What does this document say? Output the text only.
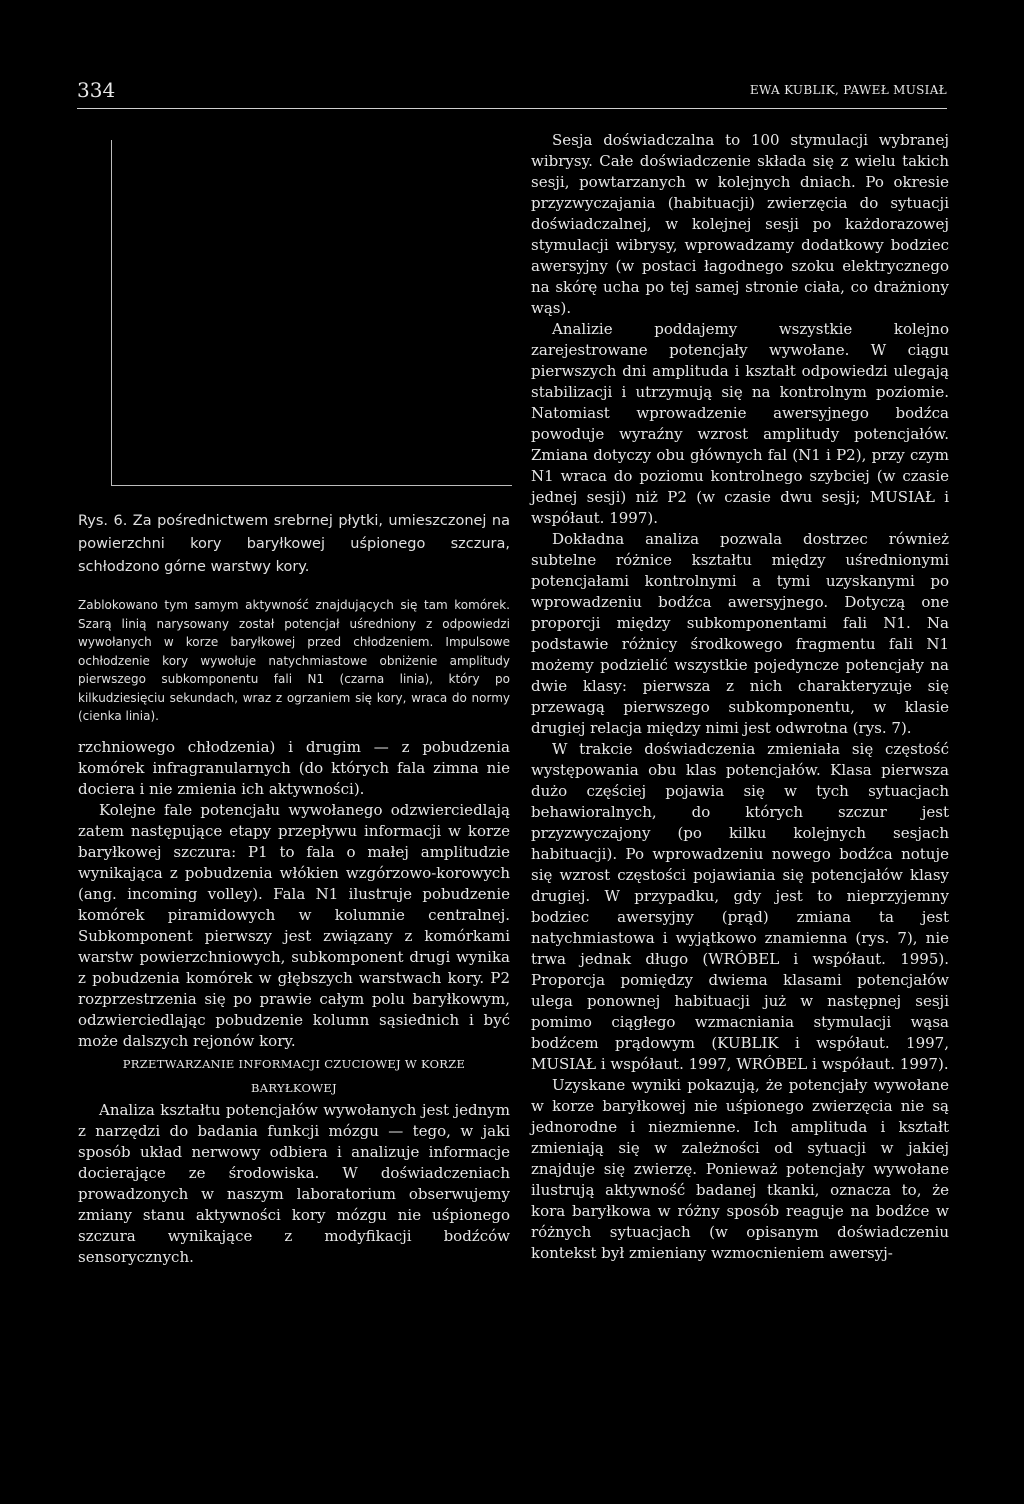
334	EWA KUBLIK, PAWEŁ MUSIAŁ

Rys. 6. Za pośrednictwem srebrnej płytki, umieszczonej na powierzchni kory baryłkowej uśpionego szczura, schłodzono górne warstwy kory.

Zablokowano tym samym aktywność znajdujących się tam komórek. Szarą linią narysowany został potencjał uśredniony z odpowiedzi wywołanych w korze baryłkowej przed chłodzeniem. Impulsowe ochłodzenie kory wywołuje natychmiastowe obniżenie amplitudy pierwszego subkomponentu fali N1 (czarna linia), który po kilkudziesięciu sekundach, wraz z ogrzaniem się kory, wraca do normy (cienka linia).

rzchniowego chłodzenia) i drugim — z pobudzenia komórek infragranularnych (do których fala zimna nie dociera i nie zmienia ich aktywności).

Kolejne fale potencjału wywołanego odzwierciedlają zatem następujące etapy przepływu informacji w korze baryłkowej szczura: P1 to fala o małej amplitudzie wynikająca z pobudzenia włókien wzgórzowo-korowych (ang. incoming volley). Fala N1 ilustruje pobudzenie komórek piramidowych w kolumnie centralnej. Subkomponent pierwszy jest związany z komórkami warstw powierzchniowych, subkomponent drugi wynika z pobudzenia komórek w głębszych warstwach kory. P2 rozprzestrzenia się po prawie całym polu baryłkowym, odzwierciedlając pobudzenie kolumn sąsiednich i być może dalszych rejonów kory.

PRZETWARZANIE INFORMACJI CZUCIOWEJ W KORZE BARYŁKOWEJ

Analiza kształtu potencjałów wywołanych jest jednym z narzędzi do badania funkcji mózgu — tego, w jaki sposób układ nerwowy odbiera i analizuje informacje docierające ze środowiska. W doświadczeniach prowadzonych w naszym laboratorium obserwujemy zmiany stanu aktywności kory mózgu nie uśpionego szczura wynikające z modyfikacji bodźców sensorycznych.

Sesja doświadczalna to 100 stymulacji wybranej wibrysy. Całe doświadczenie składa się z wielu takich sesji, powtarzanych w kolejnych dniach. Po okresie przyzwyczajania (habituacji) zwierzęcia do sytuacji doświadczalnej, w kolejnej sesji po każdorazowej stymulacji wibrysy, wprowadzamy dodatkowy bodziec awersyjny (w postaci łagodnego szoku elektrycznego na skórę ucha po tej samej stronie ciała, co drażniony wąs).

Analizie poddajemy wszystkie kolejno zarejestrowane potencjały wywołane. W ciągu pierwszych dni amplituda i kształt odpowiedzi ulegają stabilizacji i utrzymują się na kontrolnym poziomie. Natomiast wprowadzenie awersyjnego bodźca powoduje wyraźny wzrost amplitudy potencjałów. Zmiana dotyczy obu głównych fal (N1 i P2), przy czym N1 wraca do poziomu kontrolnego szybciej (w czasie jednej sesji) niż P2 (w czasie dwu sesji; MUSIAŁ i współaut. 1997).

Dokładna analiza pozwala dostrzec również subtelne różnice kształtu między uśrednionymi potencjałami kontrolnymi a tymi uzyskanymi po wprowadzeniu bodźca awersyjnego. Dotyczą one proporcji między subkomponentami fali N1. Na podstawie różnicy środkowego fragmentu fali N1 możemy podzielić wszystkie pojedyncze potencjały na dwie klasy: pierwsza z nich charakteryzuje się przewagą pierwszego subkomponentu, w klasie drugiej relacja między nimi jest odwrotna (rys. 7).

W trakcie doświadczenia zmieniała się częstość występowania obu klas potencjałów. Klasa pierwsza dużo częściej pojawia się w tych sytuacjach behawioralnych, do których szczur jest przyzwyczajony (po kilku kolejnych sesjach habituacji). Po wprowadzeniu nowego bodźca notuje się wzrost częstości pojawiania się potencjałów klasy drugiej. W przypadku, gdy jest to nieprzyjemny bodziec awersyjny (prąd) zmiana ta jest natychmiastowa i wyjątkowo znamienna (rys. 7), nie trwa jednak długo (WRÓBEL i współaut. 1995). Proporcja pomiędzy dwiema klasami potencjałów ulega ponownej habituacji już w następnej sesji pomimo ciągłego wzmacniania stymulacji wąsa bodźcem prądowym (KUBLIK i współaut. 1997, MUSIAŁ i współaut. 1997, WRÓBEL i współaut. 1997).

Uzyskane wyniki pokazują, że potencjały wywołane w korze baryłkowej nie uśpionego zwierzęcia nie są jednorodne i niezmienne. Ich amplituda i kształt zmieniają się w zależności od sytuacji w jakiej znajduje się zwierzę. Ponieważ potencjały wywołane ilustrują aktywność badanej tkanki, oznacza to, że kora baryłkowa w różny sposób reaguje na bodźce w różnych sytuacjach (w opisanym doświadczeniu kontekst był zmieniany wzmocnieniem awersyj-
